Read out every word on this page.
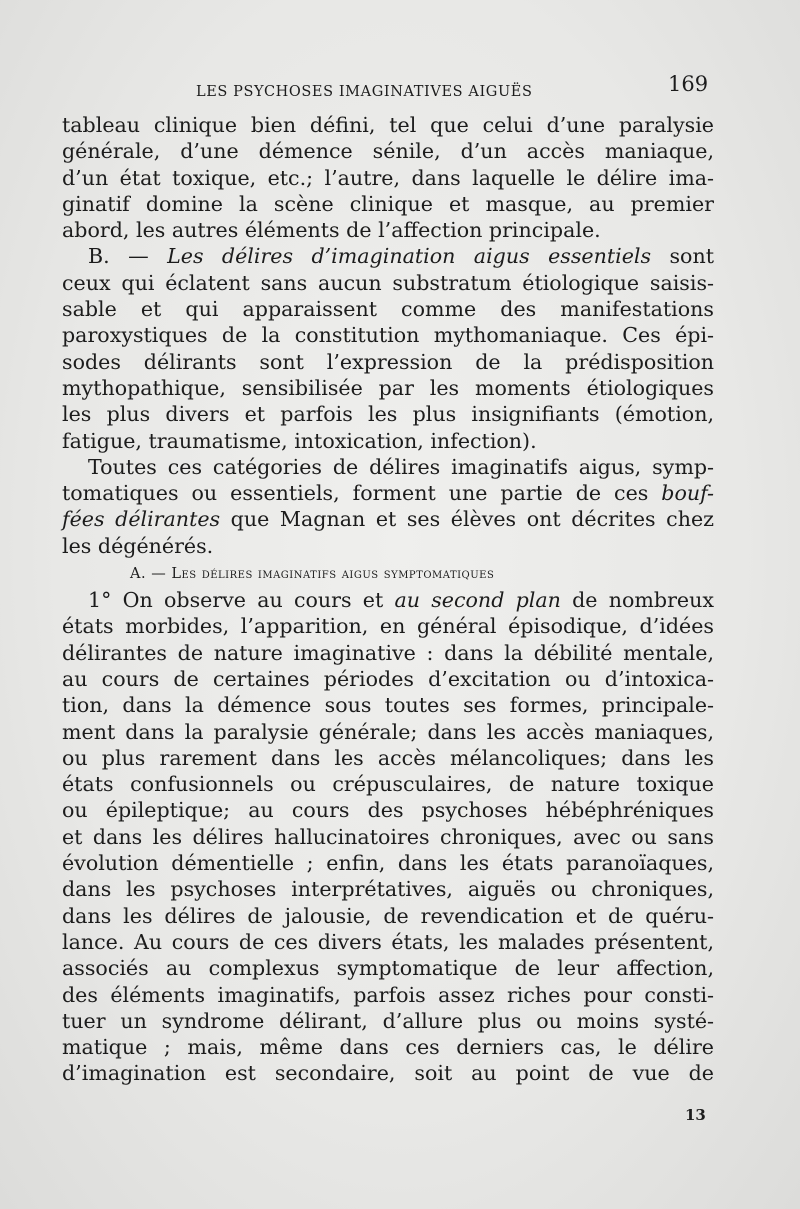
LES PSYCHOSES IMAGINATIVES AIGUËS	169
tableau clinique bien défini, tel que celui d’une paralysie
générale, d’une démence sénile, d’un accès maniaque,
d’un état toxique, etc.; l’autre, dans laquelle le délire ima-
ginatif domine la scène clinique et masque, au premier
abord, les autres éléments de l’affection principale.
B. — Les délires d’imagination aigus essentiels sont
ceux qui éclatent sans aucun substratum étiologique saisis-
sable et qui apparaissent comme des manifestations
paroxystiques de la constitution mythomaniaque. Ces épi-
sodes délirants sont l’expression de la prédisposition
mythopathique, sensibilisée par les moments étiologiques
les plus divers et parfois les plus insignifiants (émotion,
fatigue, traumatisme, intoxication, infection).
Toutes ces catégories de délires imaginatifs aigus, symp-
tomatiques ou essentiels, forment une partie de ces bouf-
fées délirantes que Magnan et ses élèves ont décrites chez
les dégénérés.
A. — Les délires imaginatifs aigus symptomatiques
1° On observe au cours et au second plan de nombreux
états morbides, l’apparition, en général épisodique, d’idées
délirantes de nature imaginative : dans la débilité mentale,
au cours de certaines périodes d’excitation ou d’intoxica-
tion, dans la démence sous toutes ses formes, principale-
ment dans la paralysie générale; dans les accès maniaques,
ou plus rarement dans les accès mélancoliques; dans les
états confusionnels ou crépusculaires, de nature toxique
ou épileptique; au cours des psychoses hébéphréniques
et dans les délires hallucinatoires chroniques, avec ou sans
évolution démentielle ; enfin, dans les états paranoïaques,
dans les psychoses interprétatives, aiguës ou chroniques,
dans les délires de jalousie, de revendication et de quéru-
lance. Au cours de ces divers états, les malades présentent,
associés au complexus symptomatique de leur affection,
des éléments imaginatifs, parfois assez riches pour consti-
tuer un syndrome délirant, d’allure plus ou moins systé-
matique ; mais, même dans ces derniers cas, le délire
d’imagination est secondaire, soit au point de vue de
13
